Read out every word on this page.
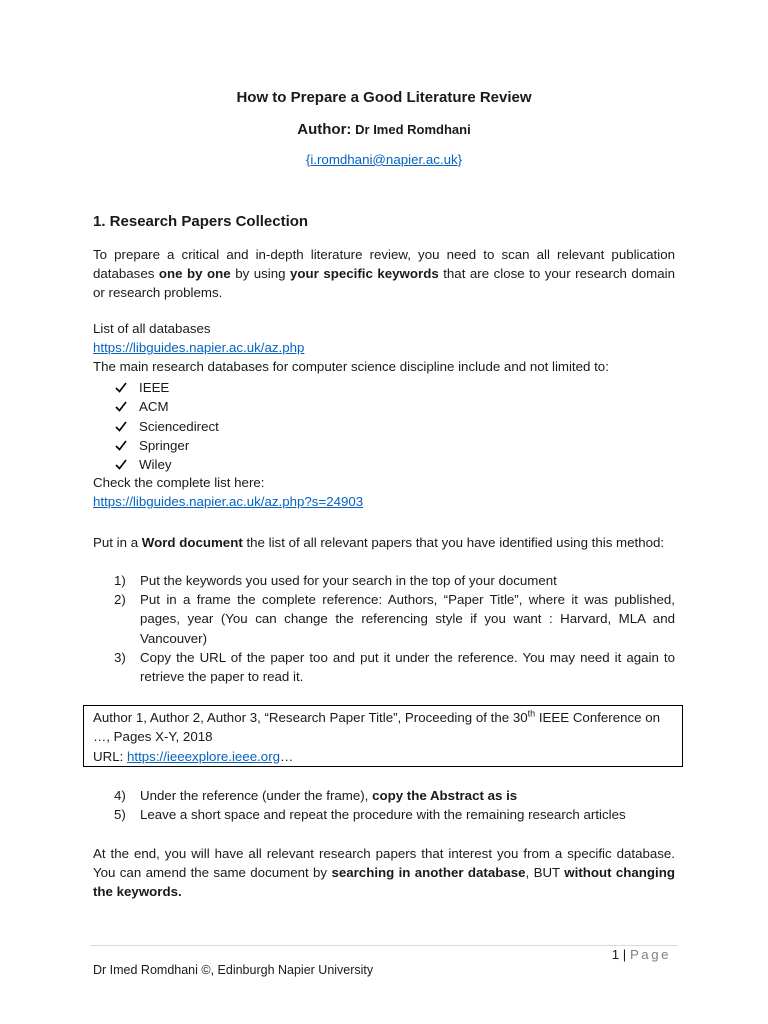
How to Prepare a Good Literature Review
Author: Dr Imed Romdhani
{i.romdhani@napier.ac.uk}
1. Research Papers Collection
To prepare a critical and in-depth literature review, you need to scan all relevant publication databases one by one by using your specific keywords that are close to your research domain or research problems.
List of all databases
https://libguides.napier.ac.uk/az.php
The main research databases for computer science discipline include and not limited to:
IEEE
ACM
Sciencedirect
Springer
Wiley
Check the complete list here:
https://libguides.napier.ac.uk/az.php?s=24903
Put in a Word document the list of all relevant papers that you have identified using this method:
1)	Put the keywords you used for your search in the top of your document
2)	Put in a frame the complete reference: Authors, “Paper Title”, where it was published, pages, year (You can change the referencing style if you want : Harvard, MLA and Vancouver)
3)	Copy the URL of the paper too and put it under the reference. You may need it again to retrieve the paper to read it.
Author 1, Author 2, Author 3, “Research Paper Title”, Proceeding of the 30th IEEE Conference on …, Pages X-Y, 2018
URL: https://ieeexplore.ieee.org…
4)	Under the reference (under the frame), copy the Abstract as is
5)	Leave a short space and repeat the procedure with the remaining research articles
At the end, you will have all relevant research papers that interest you from a specific database. You can amend the same document by searching in another database, BUT without changing the keywords.
1 | Page
Dr Imed Romdhani ©, Edinburgh Napier University
